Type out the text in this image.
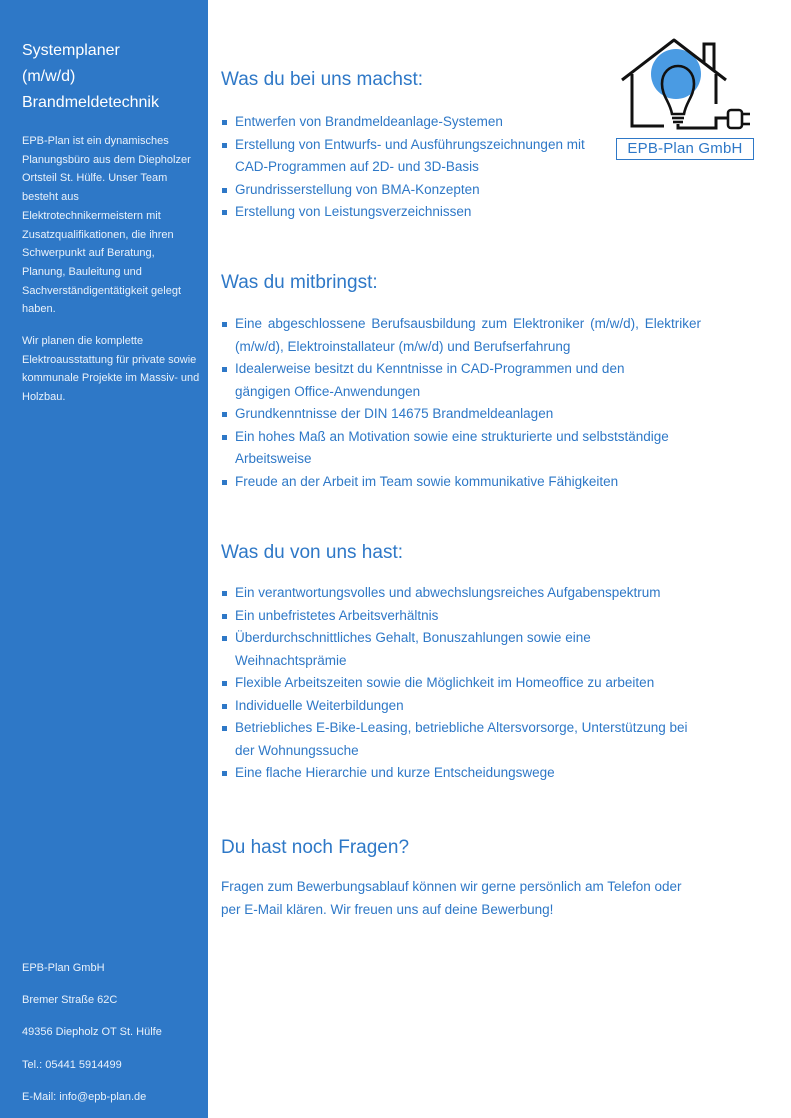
Systemplaner
(m/w/d)
Brandmeldetechnik

EPB-Plan ist ein dynamisches Planungsbüro aus dem Diepholzer Ortsteil St. Hülfe. Unser Team besteht aus Elektrotechnikermeistern mit Zusatzqualifikationen, die ihren Schwerpunkt auf Beratung, Planung, Bauleitung und Sachverständigentätigkeit gelegt haben.

Wir planen die komplette Elektroausstattung für private sowie kommunale Projekte im Massiv- und Holzbau.

EPB-Plan GmbH
Bremer Straße 62C
49356 Diepholz OT St. Hülfe
Tel.: 05441 5914499
E-Mail: info@epb-plan.de
EPB-Plan GmbH
Was du bei uns machst:
Entwerfen von Brandmeldeanlage-Systemen
Erstellung von Entwurfs- und Ausführungszeichnungen mit CAD-Programmen auf 2D- und 3D-Basis
Grundrisserstellung von BMA-Konzepten
Erstellung von Leistungsverzeichnissen
Was du mitbringst:
Eine abgeschlossene Berufsausbildung zum Elektroniker (m/w/d), Elektriker (m/w/d), Elektroinstallateur (m/w/d) und Berufserfahrung
Idealerweise besitzt du Kenntnisse in CAD-Programmen und den gängigen Office-Anwendungen
Grundkenntnisse der DIN 14675 Brandmeldeanlagen
Ein hohes Maß an Motivation sowie eine strukturierte und selbstständige Arbeitsweise
Freude an der Arbeit im Team sowie kommunikative Fähigkeiten
Was du von uns hast:
Ein verantwortungsvolles und abwechslungsreiches Aufgabenspektrum
Ein unbefristetes Arbeitsverhältnis
Überdurchschnittliches Gehalt, Bonuszahlungen sowie eine Weihnachtsprämie
Flexible Arbeitszeiten sowie die Möglichkeit im Homeoffice zu arbeiten
Individuelle Weiterbildungen
Betriebliches E-Bike-Leasing, betriebliche Altersvorsorge, Unterstützung bei der Wohnungssuche
Eine flache Hierarchie und kurze Entscheidungswege
Du hast noch Fragen?

Fragen zum Bewerbungsablauf können wir gerne persönlich am Telefon oder per E-Mail klären. Wir freuen uns auf deine Bewerbung!
